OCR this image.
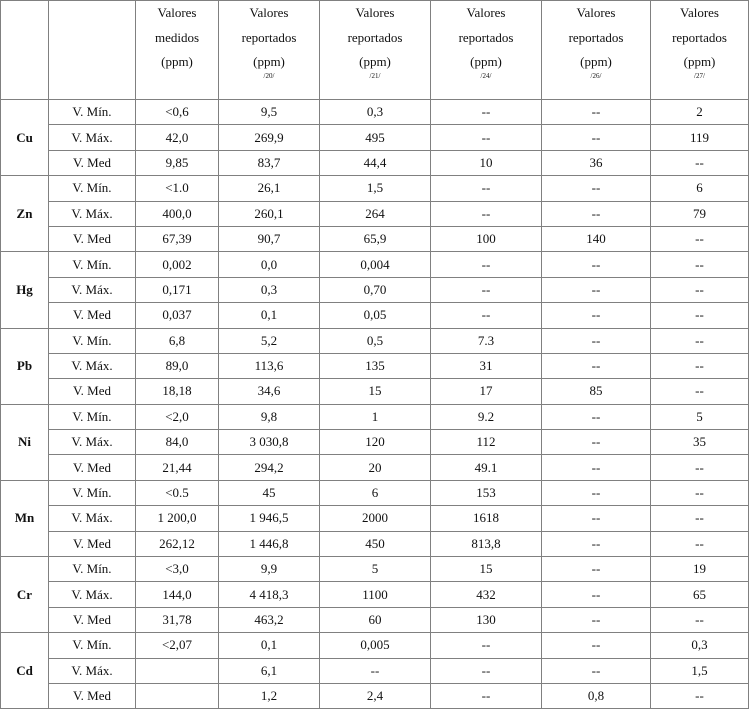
		Valores
medidos
(ppm)	Valores
reportados
(ppm)
/20/	Valores
reportados
(ppm)
/21/	Valores
reportados
(ppm)
/24/	Valores
reportados
(ppm)
/26/	Valores
reportados
(ppm)
/27/

Cu	V. Mín.	<0,6	9,5	0,3	--	--	2
	V. Máx.	42,0	269,9	495	--	--	119
	V. Med	9,85	83,7	44,4	10	36	--
Zn	V. Mín.	<1.0	26,1	1,5	--	--	6
	V. Máx.	400,0	260,1	264	--	--	79
	V. Med	67,39	90,7	65,9	100	140	--
Hg	V. Mín.	0,002	0,0	0,004	--	--	--
	V. Máx.	0,171	0,3	0,70	--	--	--
	V. Med	0,037	0,1	0,05	--	--	--
Pb	V. Mín.	6,8	5,2	0,5	7.3	--	--
	V. Máx.	89,0	113,6	135	31	--	--
	V. Med	18,18	34,6	15	17	85	--
Ni	V. Mín.	<2,0	9,8	1	9.2	--	5
	V. Máx.	84,0	3 030,8	120	112	--	35
	V. Med	21,44	294,2	20	49.1	--	--
Mn	V. Mín.	<0.5	45	6	153	--	--
	V. Máx.	1 200,0	1 946,5	2000	1618	--	--
	V. Med	262,12	1 446,8	450	813,8	--	--
Cr	V. Mín.	<3,0	9,9	5	15	--	19
	V. Máx.	144,0	4 418,3	1100	432	--	65
	V. Med	31,78	463,2	60	130	--	--
Cd	V. Mín.	<2,07	0,1	0,005	--	--	0,3
	V. Máx.		6,1	--	--	--	1,5
	V. Med		1,2	2,4	--	0,8	--
